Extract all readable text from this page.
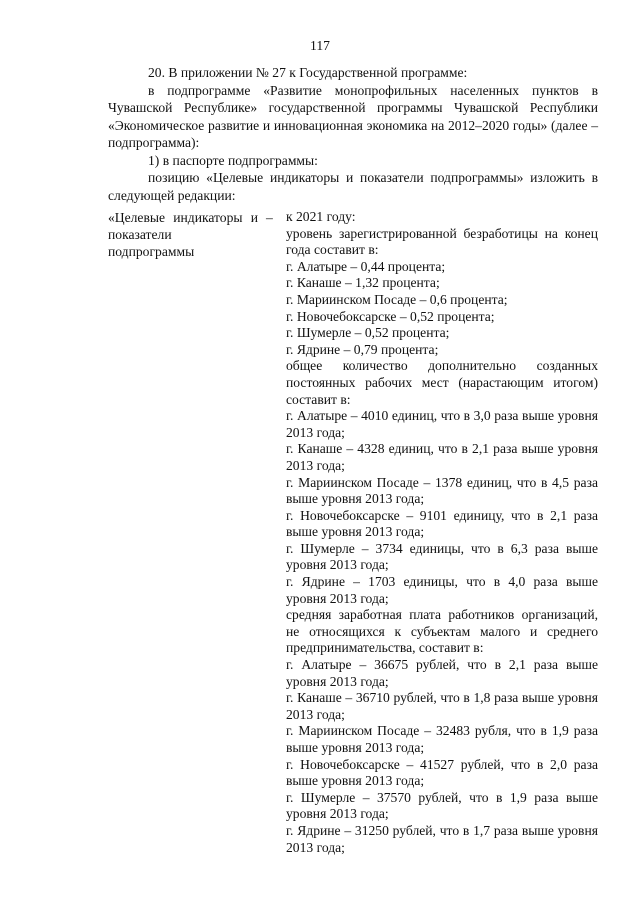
117

20. В приложении № 27 к Государственной программе:

в подпрограмме «Развитие монопрофильных населенных пунктов в Чувашской Республике» государственной программы Чувашской Республики «Экономическое развитие и инновационная экономика на 2012–2020 годы» (далее – подпрограмма):

1) в паспорте подпрограммы:

позицию «Целевые индикаторы и показатели подпрограммы» изложить в следующей редакции:

«Целевые индикаторы и показатели подпрограммы
– к 2021 году:
уровень зарегистрированной безработицы на конец года составит в:
г. Алатыре – 0,44 процента;
г. Канаше – 1,32 процента;
г. Мариинском Посаде – 0,6 процента;
г. Новочебоксарске – 0,52 процента;
г. Шумерле – 0,52 процента;
г. Ядрине – 0,79 процента;
общее количество дополнительно созданных постоянных рабочих мест (нарастающим итогом) составит в:
г. Алатыре – 4010 единиц, что в 3,0 раза выше уровня 2013 года;
г. Канаше – 4328 единиц, что в 2,1 раза выше уровня 2013 года;
г. Мариинском Посаде – 1378 единиц, что в 4,5 раза выше уровня 2013 года;
г. Новочебоксарске – 9101 единицу, что в 2,1 раза выше уровня 2013 года;
г. Шумерле – 3734 единицы, что в 6,3 раза выше уровня 2013 года;
г. Ядрине – 1703 единицы, что в 4,0 раза выше уровня 2013 года;
средняя заработная плата работников организаций, не относящихся к субъектам малого и среднего предпринимательства, составит в:
г. Алатыре – 36675 рублей, что в 2,1 раза выше уровня 2013 года;
г. Канаше – 36710 рублей, что в 1,8 раза выше уровня 2013 года;
г. Мариинском Посаде – 32483 рубля, что в 1,9 раза выше уровня 2013 года;
г. Новочебоксарске – 41527 рублей, что в 2,0 раза выше уровня 2013 года;
г. Шумерле – 37570 рублей, что в 1,9 раза выше уровня 2013 года;
г. Ядрине – 31250 рублей, что в 1,7 раза выше уровня 2013 года;
